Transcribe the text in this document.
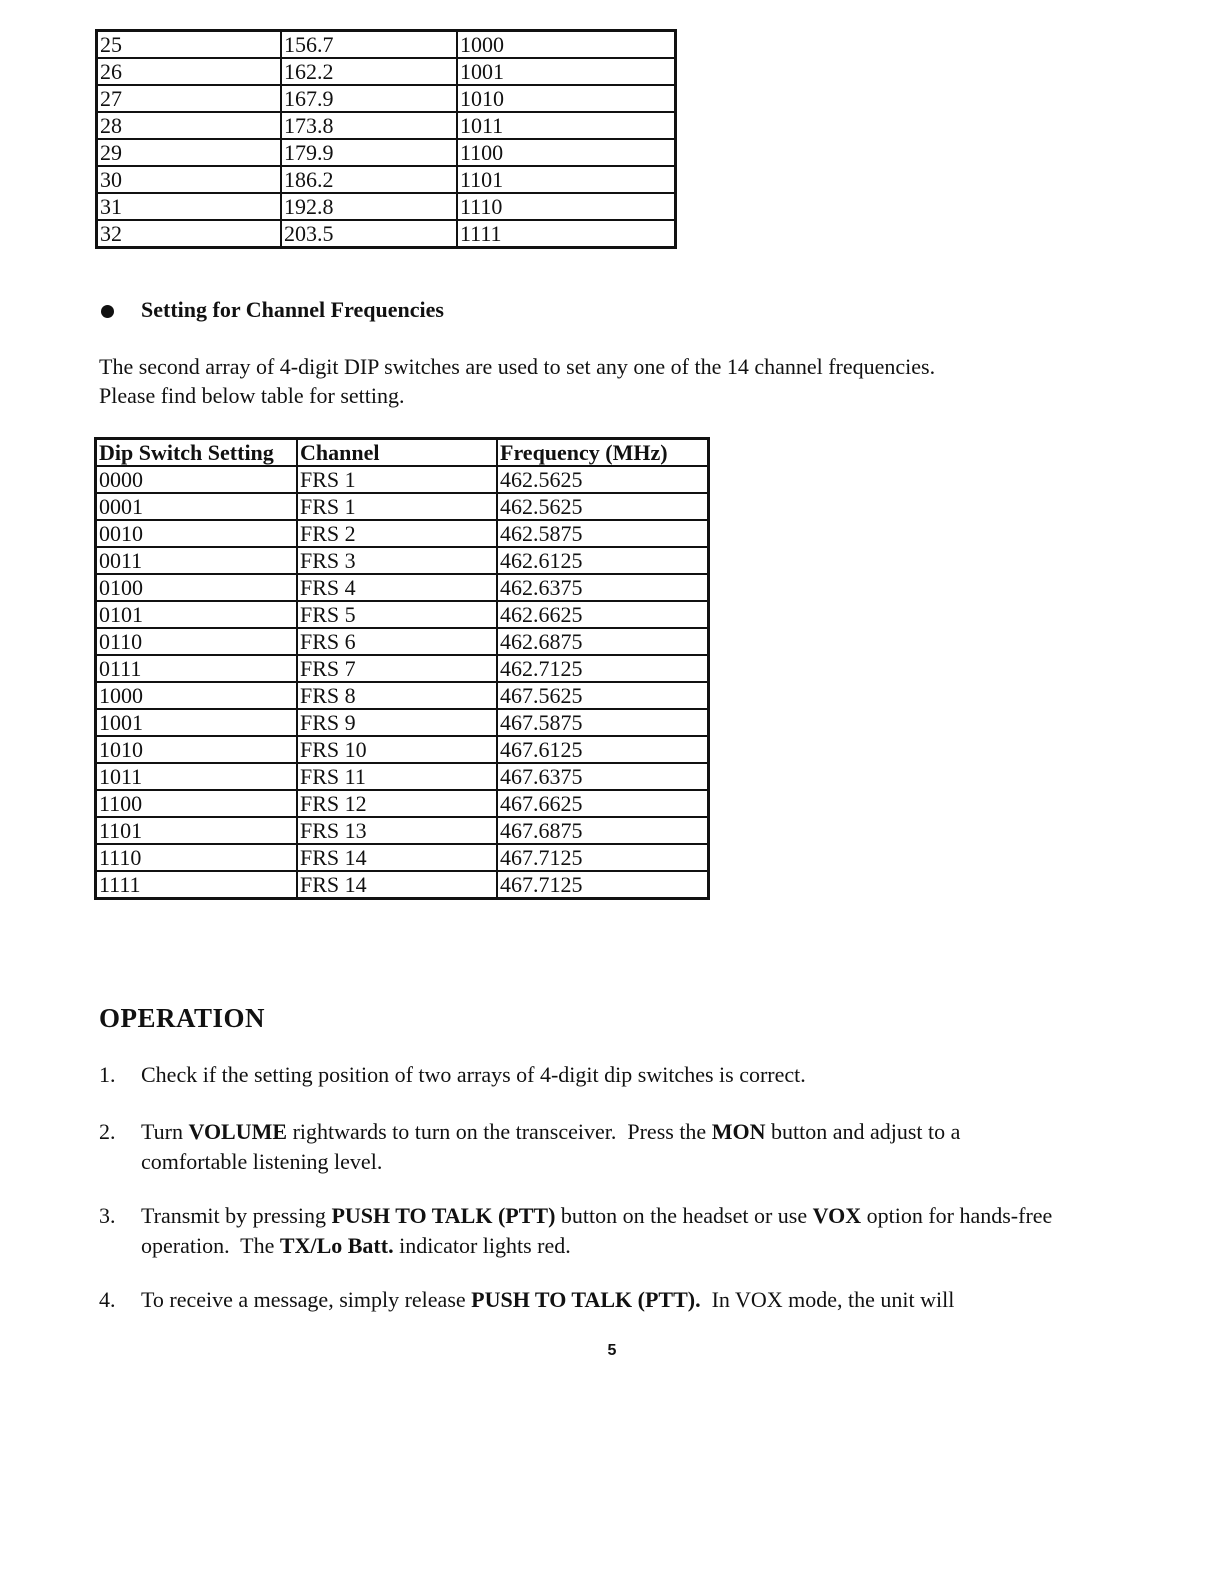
25	156.7	1000
26	162.2	1001
27	167.9	1010
28	173.8	1011
29	179.9	1100
30	186.2	1101
31	192.8	1110
32	203.5	1111
Setting for Channel Frequencies

The second array of 4-digit DIP switches are used to set any one of the 14 channel frequencies.

Please find below table for setting.

Dip Switch Setting	Channel	Frequency (MHz)
0000	FRS 1	462.5625
0001	FRS 1	462.5625
0010	FRS 2	462.5875
0011	FRS 3	462.6125
0100	FRS 4	462.6375
0101	FRS 5	462.6625
0110	FRS 6	462.6875
0111	FRS 7	462.7125
1000	FRS 8	467.5625
1001	FRS 9	467.5875
1010	FRS 10	467.6125
1011	FRS 11	467.6375
1100	FRS 12	467.6625
1101	FRS 13	467.6875
1110	FRS 14	467.7125
1111	FRS 14	467.7125
OPERATION
1. Check if the setting position of two arrays of 4-digit dip switches is correct.
2. Turn VOLUME rightwards to turn on the transceiver.  Press the MON button and adjust to a comfortable listening level.
3. Transmit by pressing PUSH TO TALK (PTT) button on the headset or use VOX option for hands-free operation.  The TX/Lo Batt. indicator lights red.
4. To receive a message, simply release PUSH TO TALK (PTT).  In VOX mode, the unit will
5
